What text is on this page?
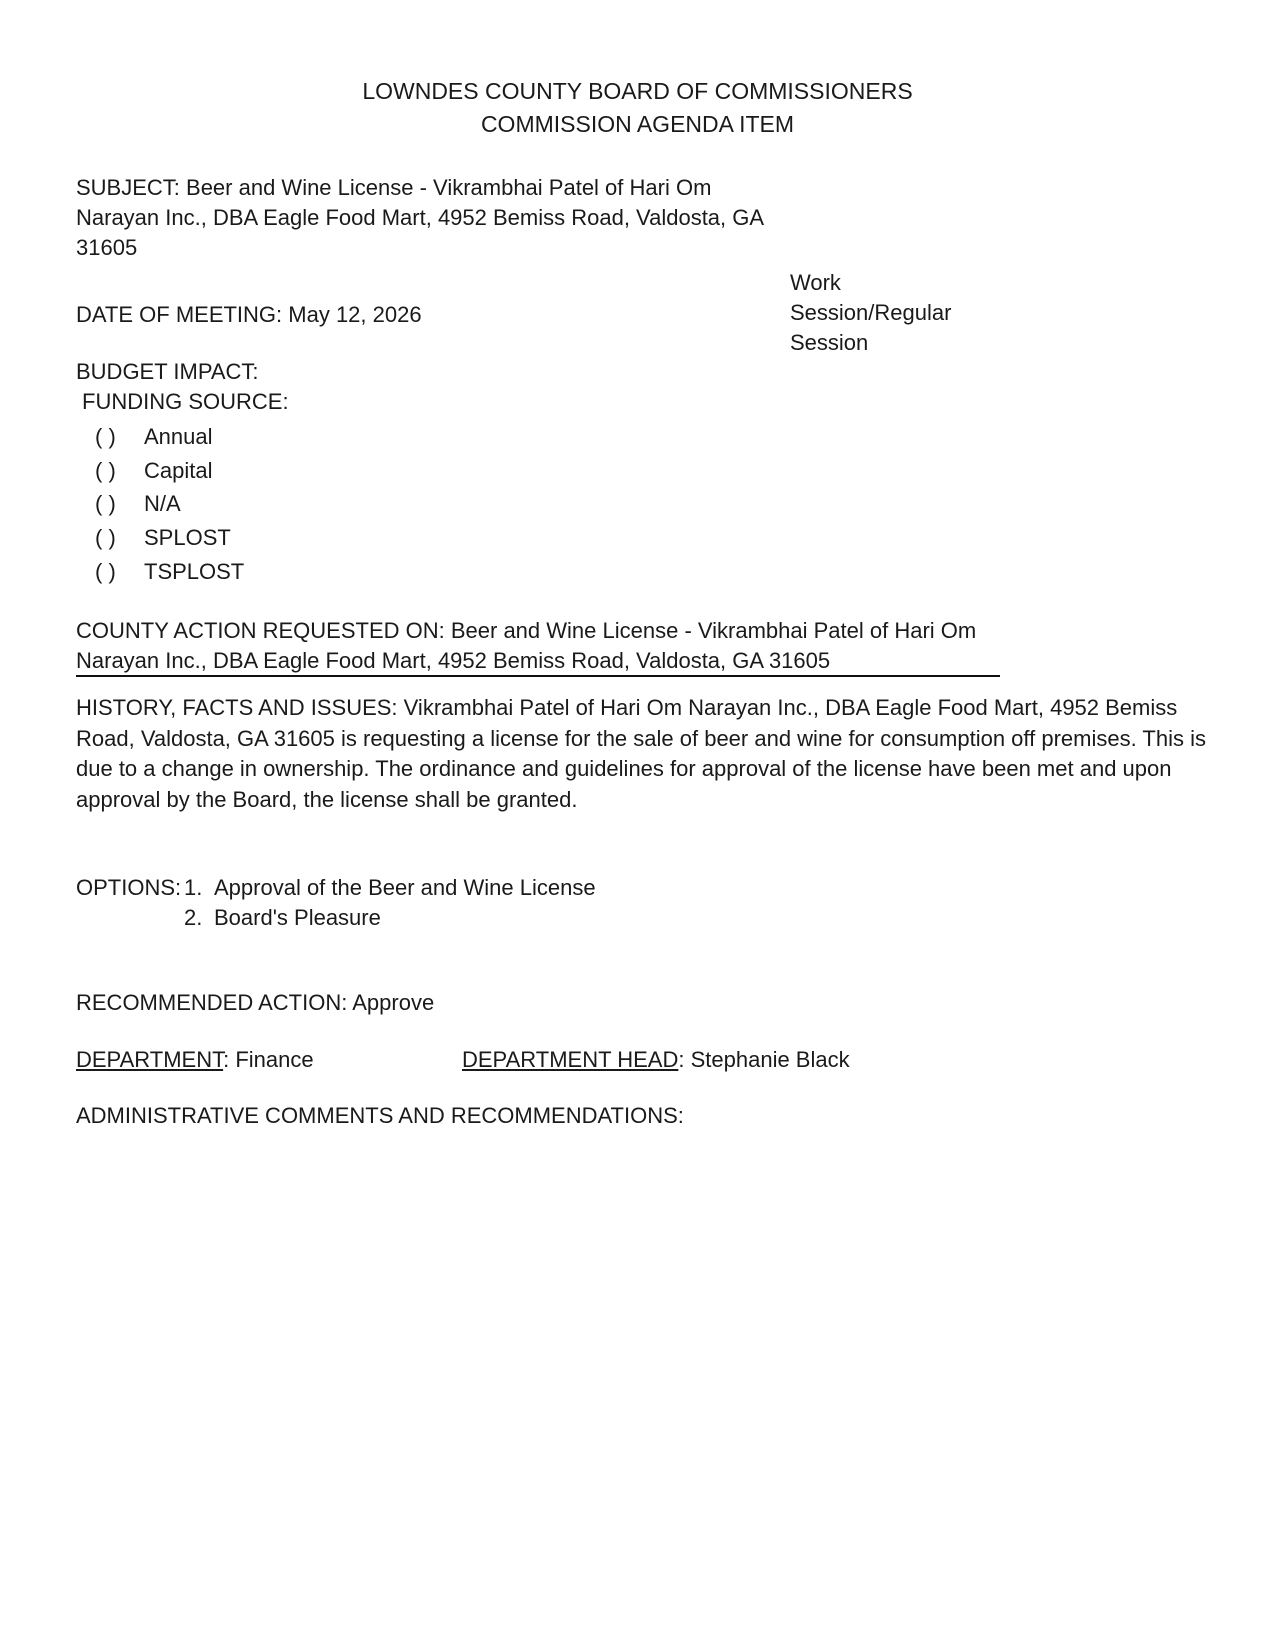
LOWNDES COUNTY BOARD OF COMMISSIONERS
COMMISSION AGENDA ITEM
SUBJECT: Beer and Wine License - Vikrambhai Patel of Hari Om
Narayan Inc., DBA Eagle Food Mart, 4952 Bemiss Road, Valdosta, GA
31605
Work
Session/Regular
Session
DATE OF MEETING: May 12, 2026
BUDGET IMPACT:
FUNDING SOURCE:
( ) Annual
( ) Capital
( ) N/A
( ) SPLOST
( ) TSPLOST
COUNTY ACTION REQUESTED ON: Beer and Wine License - Vikrambhai Patel of Hari Om
Narayan Inc., DBA Eagle Food Mart, 4952 Bemiss Road, Valdosta, GA 31605
HISTORY, FACTS AND ISSUES: Vikrambhai Patel of Hari Om Narayan Inc., DBA Eagle Food Mart, 4952 Bemiss Road, Valdosta, GA 31605 is requesting a license for the sale of beer and wine for consumption off premises. This is due to a change in ownership. The ordinance and guidelines for approval of the license have been met and upon approval by the Board, the license shall be granted.
OPTIONS: 1. Approval of the Beer and Wine License
2. Board's Pleasure
RECOMMENDED ACTION: Approve
DEPARTMENT: Finance	DEPARTMENT HEAD: Stephanie Black
ADMINISTRATIVE COMMENTS AND RECOMMENDATIONS:
